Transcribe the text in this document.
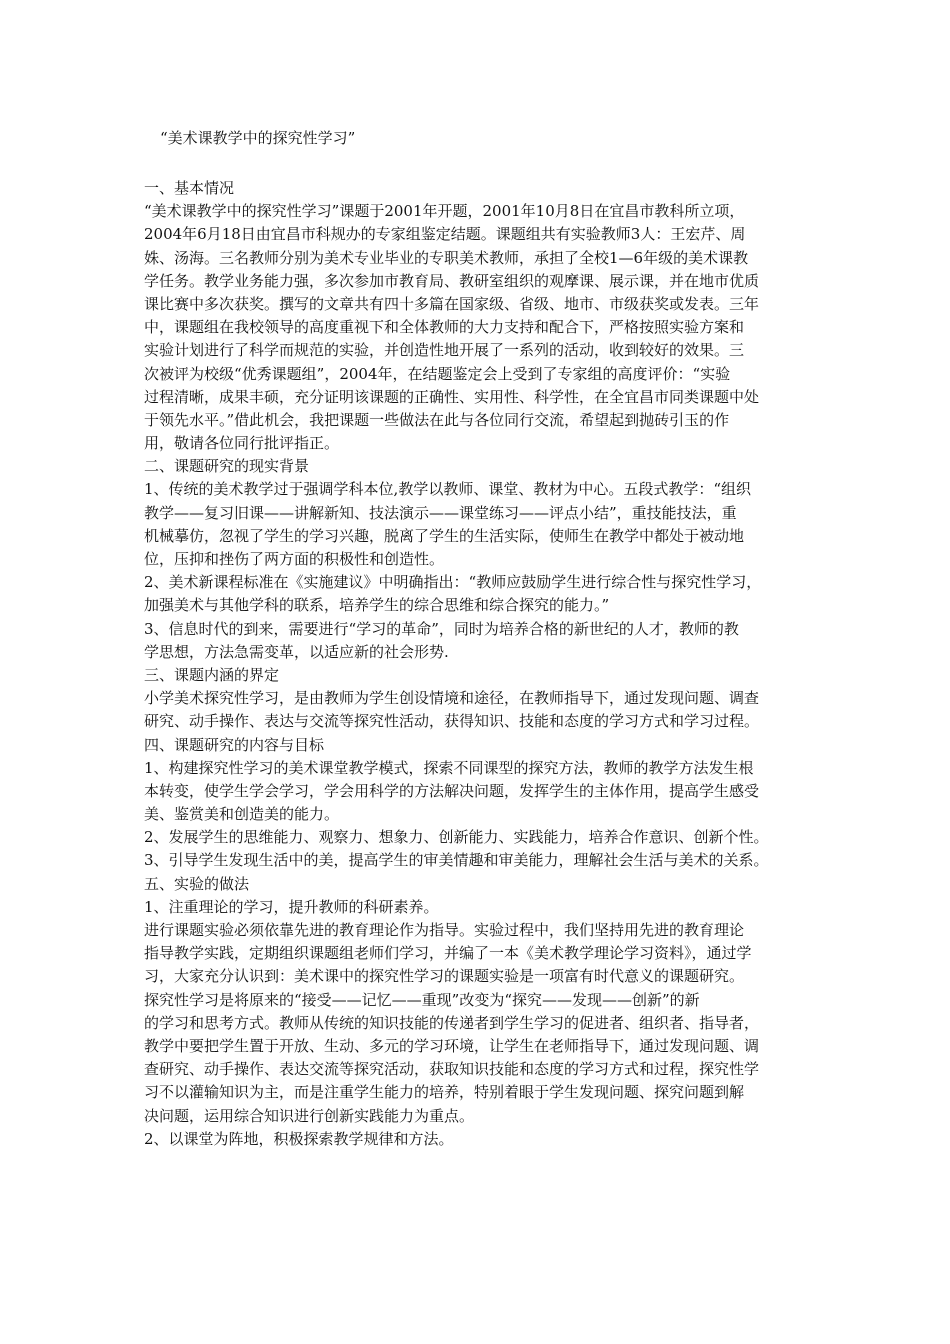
“美术课教学中的探究性学习”
一、基本情况
“美术课教学中的探究性学习”课题于2001年开题，2001年10月8日在宜昌市教科所立项，
2004年6月18日由宜昌市科规办的专家组鉴定结题。课题组共有实验教师3人：王宏芹、周
姝、汤海。三名教师分别为美术专业毕业的专职美术教师，承担了全校1—6年级的美术课教
学任务。教学业务能力强，多次参加市教育局、教研室组织的观摩课、展示课，并在地市优质
课比赛中多次获奖。撰写的文章共有四十多篇在国家级、省级、地市、市级获奖或发表。三年
中，课题组在我校领导的高度重视下和全体教师的大力支持和配合下，严格按照实验方案和
实验计划进行了科学而规范的实验，并创造性地开展了一系列的活动，收到较好的效果。三
次被评为校级“优秀课题组”，2004年，在结题鉴定会上受到了专家组的高度评价：“实验
过程清晰，成果丰硕，充分证明该课题的正确性、实用性、科学性，在全宜昌市同类课题中处
于领先水平。”借此机会，我把课题一些做法在此与各位同行交流，希望起到抛砖引玉的作
用，敬请各位同行批评指正。
二、课题研究的现实背景
1、传统的美术教学过于强调学科本位,教学以教师、课堂、教材为中心。五段式教学：“组织
教学——复习旧课——讲解新知、技法演示——课堂练习——评点小结”，重技能技法，重
机械摹仿，忽视了学生的学习兴趣，脱离了学生的生活实际，使师生在教学中都处于被动地
位，压抑和挫伤了两方面的积极性和创造性。
2、美术新课程标准在《实施建议》中明确指出：“教师应鼓励学生进行综合性与探究性学习，
加强美术与其他学科的联系，培养学生的综合思维和综合探究的能力。”
3、信息时代的到来，需要进行“学习的革命”，同时为培养合格的新世纪的人才，教师的教
学思想，方法急需变革，以适应新的社会形势.
三、课题内涵的界定
小学美术探究性学习，是由教师为学生创设情境和途径，在教师指导下，通过发现问题、调查
研究、动手操作、表达与交流等探究性活动，获得知识、技能和态度的学习方式和学习过程。
四、课题研究的内容与目标
1、构建探究性学习的美术课堂教学模式，探索不同课型的探究方法，教师的教学方法发生根
本转变，使学生学会学习，学会用科学的方法解决问题，发挥学生的主体作用，提高学生感受
美、鉴赏美和创造美的能力。
2、发展学生的思维能力、观察力、想象力、创新能力、实践能力，培养合作意识、创新个性。
3、引导学生发现生活中的美，提高学生的审美情趣和审美能力，理解社会生活与美术的关系。
五、实验的做法
1、注重理论的学习，提升教师的科研素养。
进行课题实验必须依靠先进的教育理论作为指导。实验过程中，我们坚持用先进的教育理论
指导教学实践，定期组织课题组老师们学习，并编了一本《美术教学理论学习资料》，通过学
习，大家充分认识到：美术课中的探究性学习的课题实验是一项富有时代意义的课题研究。
探究性学习是将原来的“接受——记忆——重现”改变为“探究——发现——创新”的新
的学习和思考方式。教师从传统的知识技能的传递者到学生学习的促进者、组织者、指导者，
教学中要把学生置于开放、生动、多元的学习环境，让学生在老师指导下，通过发现问题、调
查研究、动手操作、表达交流等探究活动，获取知识技能和态度的学习方式和过程，探究性学
习不以灌输知识为主，而是注重学生能力的培养，特别着眼于学生发现问题、探究问题到解
决问题，运用综合知识进行创新实践能力为重点。
2、以课堂为阵地，积极探索教学规律和方法。
